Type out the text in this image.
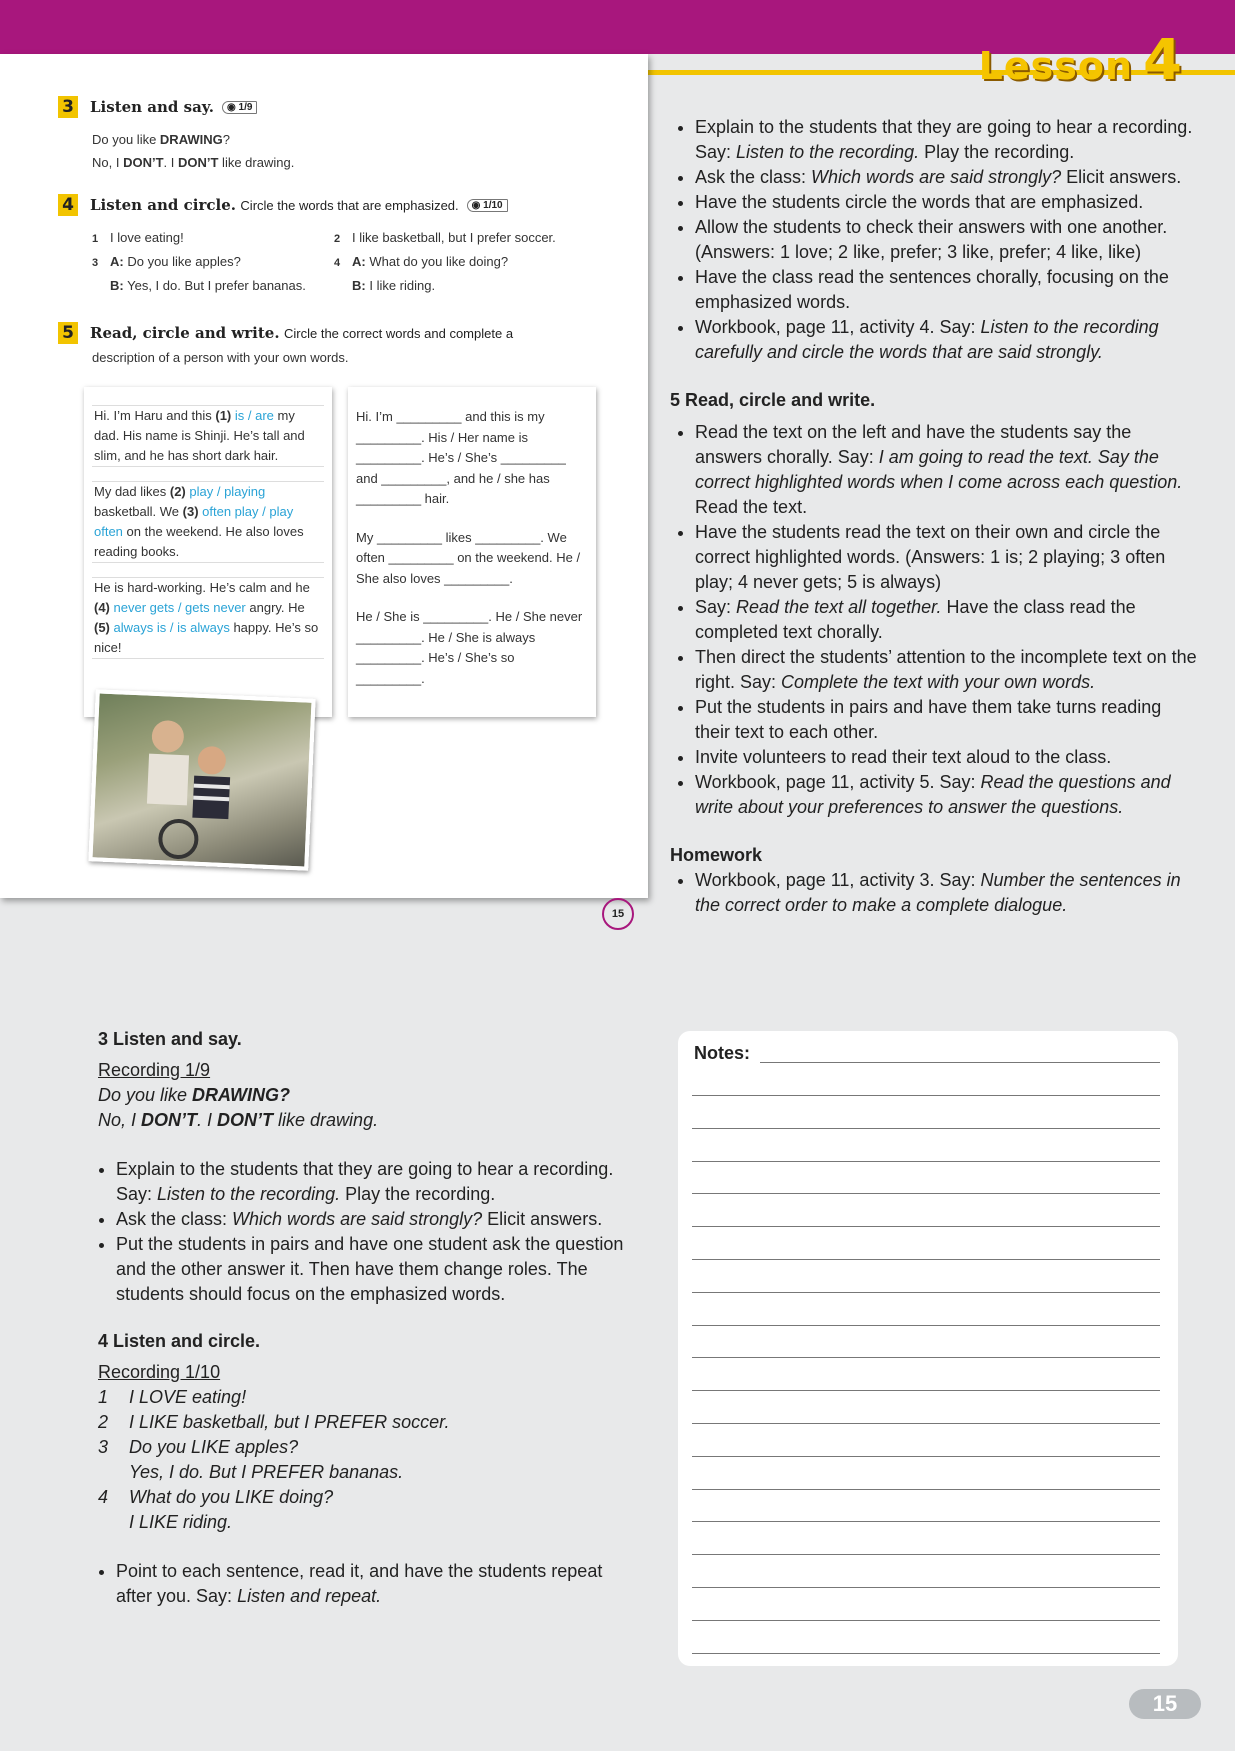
Lesson 4
3 Listen and say. ◉ 1/9
Do you like DRAWING?
No, I DON’T. I DON’T like drawing.
4 Listen and circle. Circle the words that are emphasized. ◉ 1/10
1 I love eating!	2 I like basketball, but I prefer soccer.
3 A: Do you like apples?
B: Yes, I do. But I prefer bananas.
4 A: What do you like doing?
B: I like riding.
5 Read, circle and write. Circle the correct words and complete a
description of a person with your own words.
Hi. I’m Haru and this (1) is / are my dad. His name is Shinji. He’s tall and slim, and he has short dark hair.
My dad likes (2) play / playing basketball. We (3) often play / play often on the weekend. He also loves reading books.
He is hard-working. He’s calm and he (4) never gets / gets never angry. He (5) always is / is always happy. He’s so nice!
Hi. I’m _________ and this is my _________. His / Her name is _________. He’s / She’s _________ and _________, and he / she has _________ hair.
My _________ likes _________. We often _________ on the weekend. He / She also loves _________.
He / She is _________. He / She never _________. He / She is always _________. He’s / She’s so _________.
15
• Explain to the students that they are going to hear a recording. Say: Listen to the recording. Play the recording.
• Ask the class: Which words are said strongly? Elicit answers.
• Have the students circle the words that are emphasized.
• Allow the students to check their answers with one another. (Answers: 1 love; 2 like, prefer; 3 like, prefer; 4 like, like)
• Have the class read the sentences chorally, focusing on the emphasized words.
• Workbook, page 11, activity 4. Say: Listen to the recording carefully and circle the words that are said strongly.
5 Read, circle and write.
• Read the text on the left and have the students say the answers chorally. Say: I am going to read the text. Say the correct highlighted words when I come across each question. Read the text.
• Have the students read the text on their own and circle the correct highlighted words. (Answers: 1 is; 2 playing; 3 often play; 4 never gets; 5 is always)
• Say: Read the text all together. Have the class read the completed text chorally.
• Then direct the students’ attention to the incomplete text on the right. Say: Complete the text with your own words.
• Put the students in pairs and have them take turns reading their text to each other.
• Invite volunteers to read their text aloud to the class.
• Workbook, page 11, activity 5. Say: Read the questions and write about your preferences to answer the questions.
Homework
• Workbook, page 11, activity 3. Say: Number the sentences in the correct order to make a complete dialogue.
3 Listen and say.
Recording 1/9
Do you like DRAWING?
No, I DON’T. I DON’T like drawing.
• Explain to the students that they are going to hear a recording. Say: Listen to the recording. Play the recording.
• Ask the class: Which words are said strongly? Elicit answers.
• Put the students in pairs and have one student ask the question and the other answer it. Then have them change roles. The students should focus on the emphasized words.
4 Listen and circle.
Recording 1/10
1 I LOVE eating!
2 I LIKE basketball, but I PREFER soccer.
3 Do you LIKE apples?
Yes, I do. But I PREFER bananas.
4 What do you LIKE doing?
I LIKE riding.
• Point to each sentence, read it, and have the students repeat after you. Say: Listen and repeat.
Notes:
15
